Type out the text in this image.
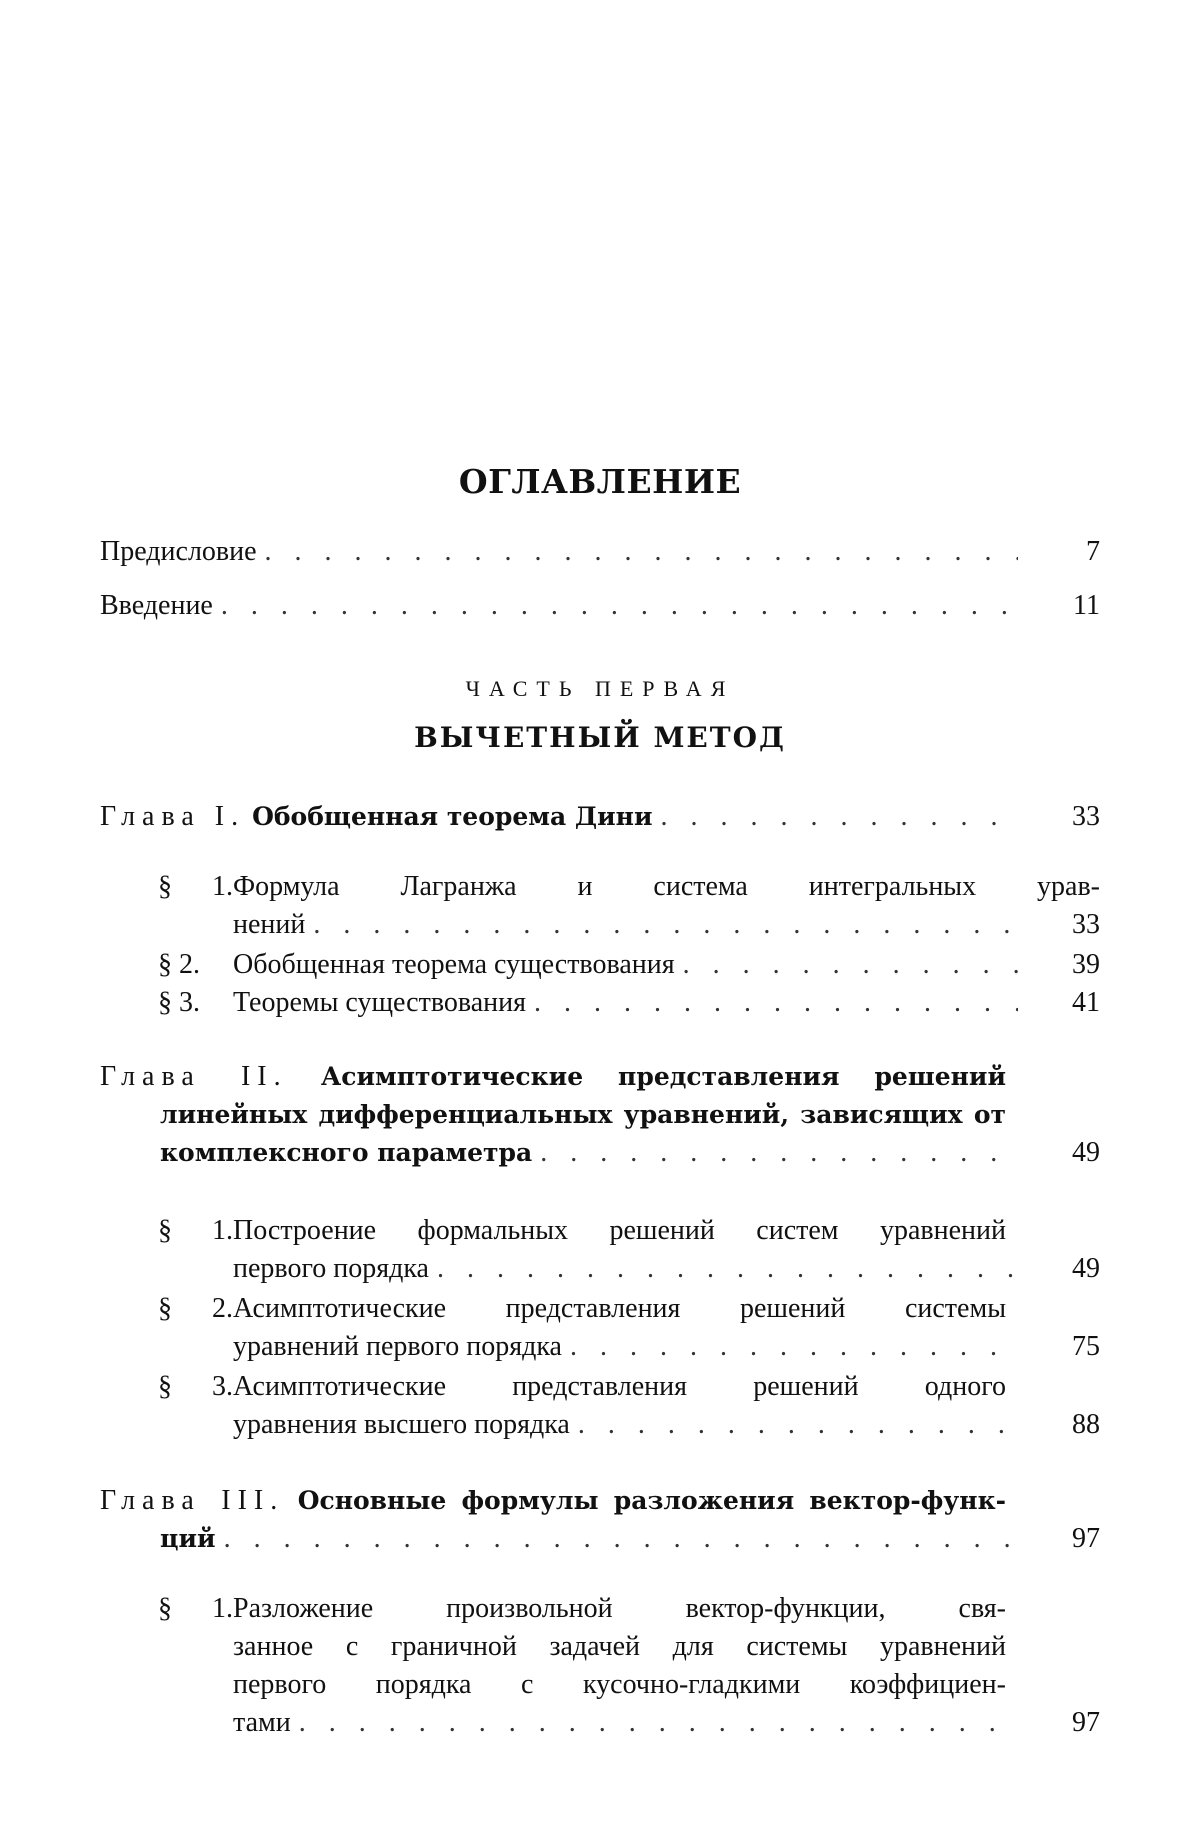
ОГЛАВЛЕНИЕ
Предисловие . . .	7
Введение . . .	11
ЧАСТЬ ПЕРВАЯ
ВЫЧЕТНЫЙ МЕТОД
Глава I. Обобщенная теорема Дини . . .	33
§ 1.Формула Лагранжа и система интегральных урав-
нений . . .	33
§ 2. Обобщенная теорема существования . . .	39
§ 3. Теоремы существования . . .	41
Глава II. Асимптотические представления решений
линейных дифференциальных уравнений, зависящих от
комплексного параметра . . .	49
§ 1.Построение формальных решений систем уравнений
первого порядка . . .	49
§ 2.Асимптотические представления решений системы
уравнений первого порядка . . .	75
§ 3.Асимптотические представления решений одного
уравнения высшего порядка . . .	88
Глава III. Основные формулы разложения вектор-функ-
ций . . .	97
§ 1.Разложение произвольной вектор-функции, свя-
занное с граничной задачей для системы уравнений
первого порядка с кусочно-гладкими коэффициен-
тами . . .	97
